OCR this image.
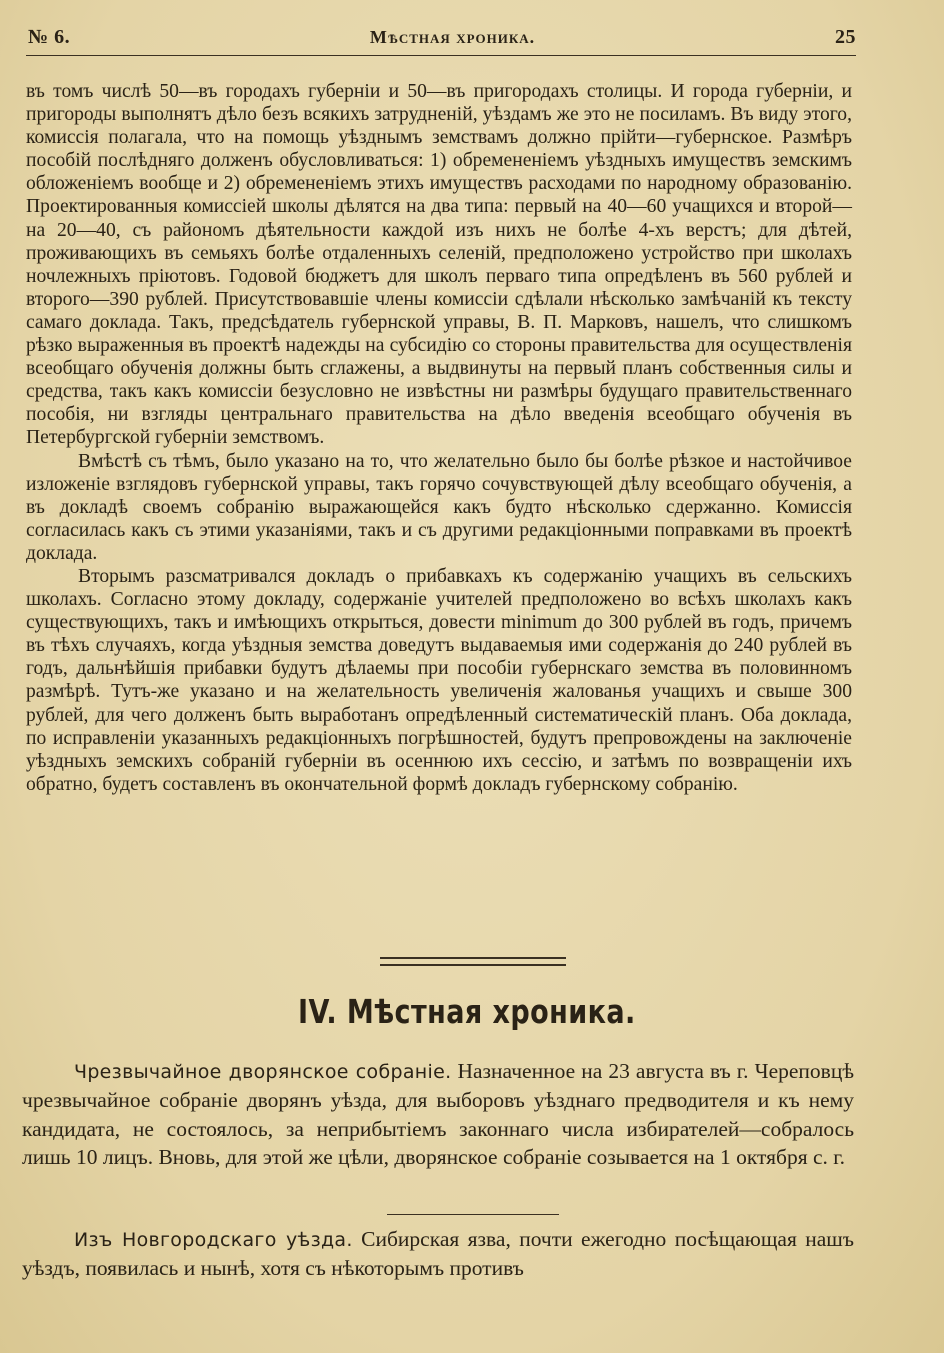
№ 6.	Мѣстная хроника.	25

въ томъ числѣ 50—въ городахъ губерніи и 50—въ пригородахъ столицы. И города губерніи, и пригороды выполнятъ дѣло безъ всякихъ затрудненій, уѣздамъ же это не посиламъ. Въ виду этого, комиссія полагала, что на помощь уѣзднымъ земствамъ должно прійти—губернское. Размѣръ пособій послѣдняго долженъ обусловливаться: 1) обремененіемъ уѣздныхъ имуществъ земскимъ обложеніемъ вообще и 2) обремененіемъ этихъ имуществъ расходами по народному образованію. Проектированныя комиссіей школы дѣлятся на два типа: первый на 40—60 учащихся и второй—на 20—40, съ райономъ дѣятельности каждой изъ нихъ не болѣе 4-хъ верстъ; для дѣтей, проживающихъ въ семьяхъ болѣе отдаленныхъ селеній, предположено устройство при школахъ ночлежныхъ пріютовъ. Годовой бюджетъ для школъ перваго типа опредѣленъ въ 560 рублей и второго—390 рублей. Присутствовавшіе члены комиссіи сдѣлали нѣсколько замѣчаній къ тексту самаго доклада. Такъ, предсѣдатель губернской управы, В. П. Марковъ, нашелъ, что слишкомъ рѣзко выраженныя въ проектѣ надежды на субсидію со стороны правительства для осуществленія всеобщаго обученія должны быть сглажены, а выдвинуты на первый планъ собственныя силы и средства, такъ какъ комиссіи безусловно не извѣстны ни размѣры будущаго правительственнаго пособія, ни взгляды центральнаго правительства на дѣло введенія всеобщаго обученія въ Петербургской губерніи земствомъ.

Вмѣстѣ съ тѣмъ, было указано на то, что желательно было бы болѣе рѣзкое и настойчивое изложеніе взглядовъ губернской управы, такъ горячо сочувствующей дѣлу всеобщаго обученія, а въ докладѣ своемъ собранію выражающейся какъ будто нѣсколько сдержанно. Комиссія согласилась какъ съ этими указаніями, такъ и съ другими редакціонными поправками въ проектѣ доклада.

Вторымъ разсматривался докладъ о прибавкахъ къ содержанію учащихъ въ сельскихъ школахъ. Согласно этому докладу, содержаніе учителей предположено во всѣхъ школахъ какъ существующихъ, такъ и имѣющихъ открыться, довести minimum до 300 рублей въ годъ, причемъ въ тѣхъ случаяхъ, когда уѣздныя земства доведутъ выдаваемыя ими содержанія до 240 рублей въ годъ, дальнѣйшія прибавки будутъ дѣлаемы при пособіи губернскаго земства въ половинномъ размѣрѣ. Тутъ-же указано и на желательность увеличенія жалованья учащихъ и свыше 300 рублей, для чего долженъ быть выработанъ опредѣленный систематическій планъ. Оба доклада, по исправленіи указанныхъ редакціонныхъ погрѣшностей, будутъ препровождены на заключеніе уѣздныхъ земскихъ собраній губерніи въ осеннюю ихъ сессію, и затѣмъ по возвращеніи ихъ обратно, будетъ составленъ въ окончательной формѣ докладъ губернскому собранію.

IV. Мѣстная хроника.

Чрезвычайное дворянское собраніе. Назначенное на 23 августа въ г. Череповцѣ чрезвычайное собраніе дворянъ уѣзда, для выборовъ уѣзднаго предводителя и къ нему кандидата, не состоялось, за неприбытіемъ законнаго числа избирателей—собралось лишь 10 лицъ. Вновь, для этой же цѣли, дворянское собраніе созывается на 1 октября с. г.

Изъ Новгородскаго уѣзда. Сибирская язва, почти ежегодно посѣщающая нашъ уѣздъ, появилась и нынѣ, хотя съ нѣкоторымъ противъ
